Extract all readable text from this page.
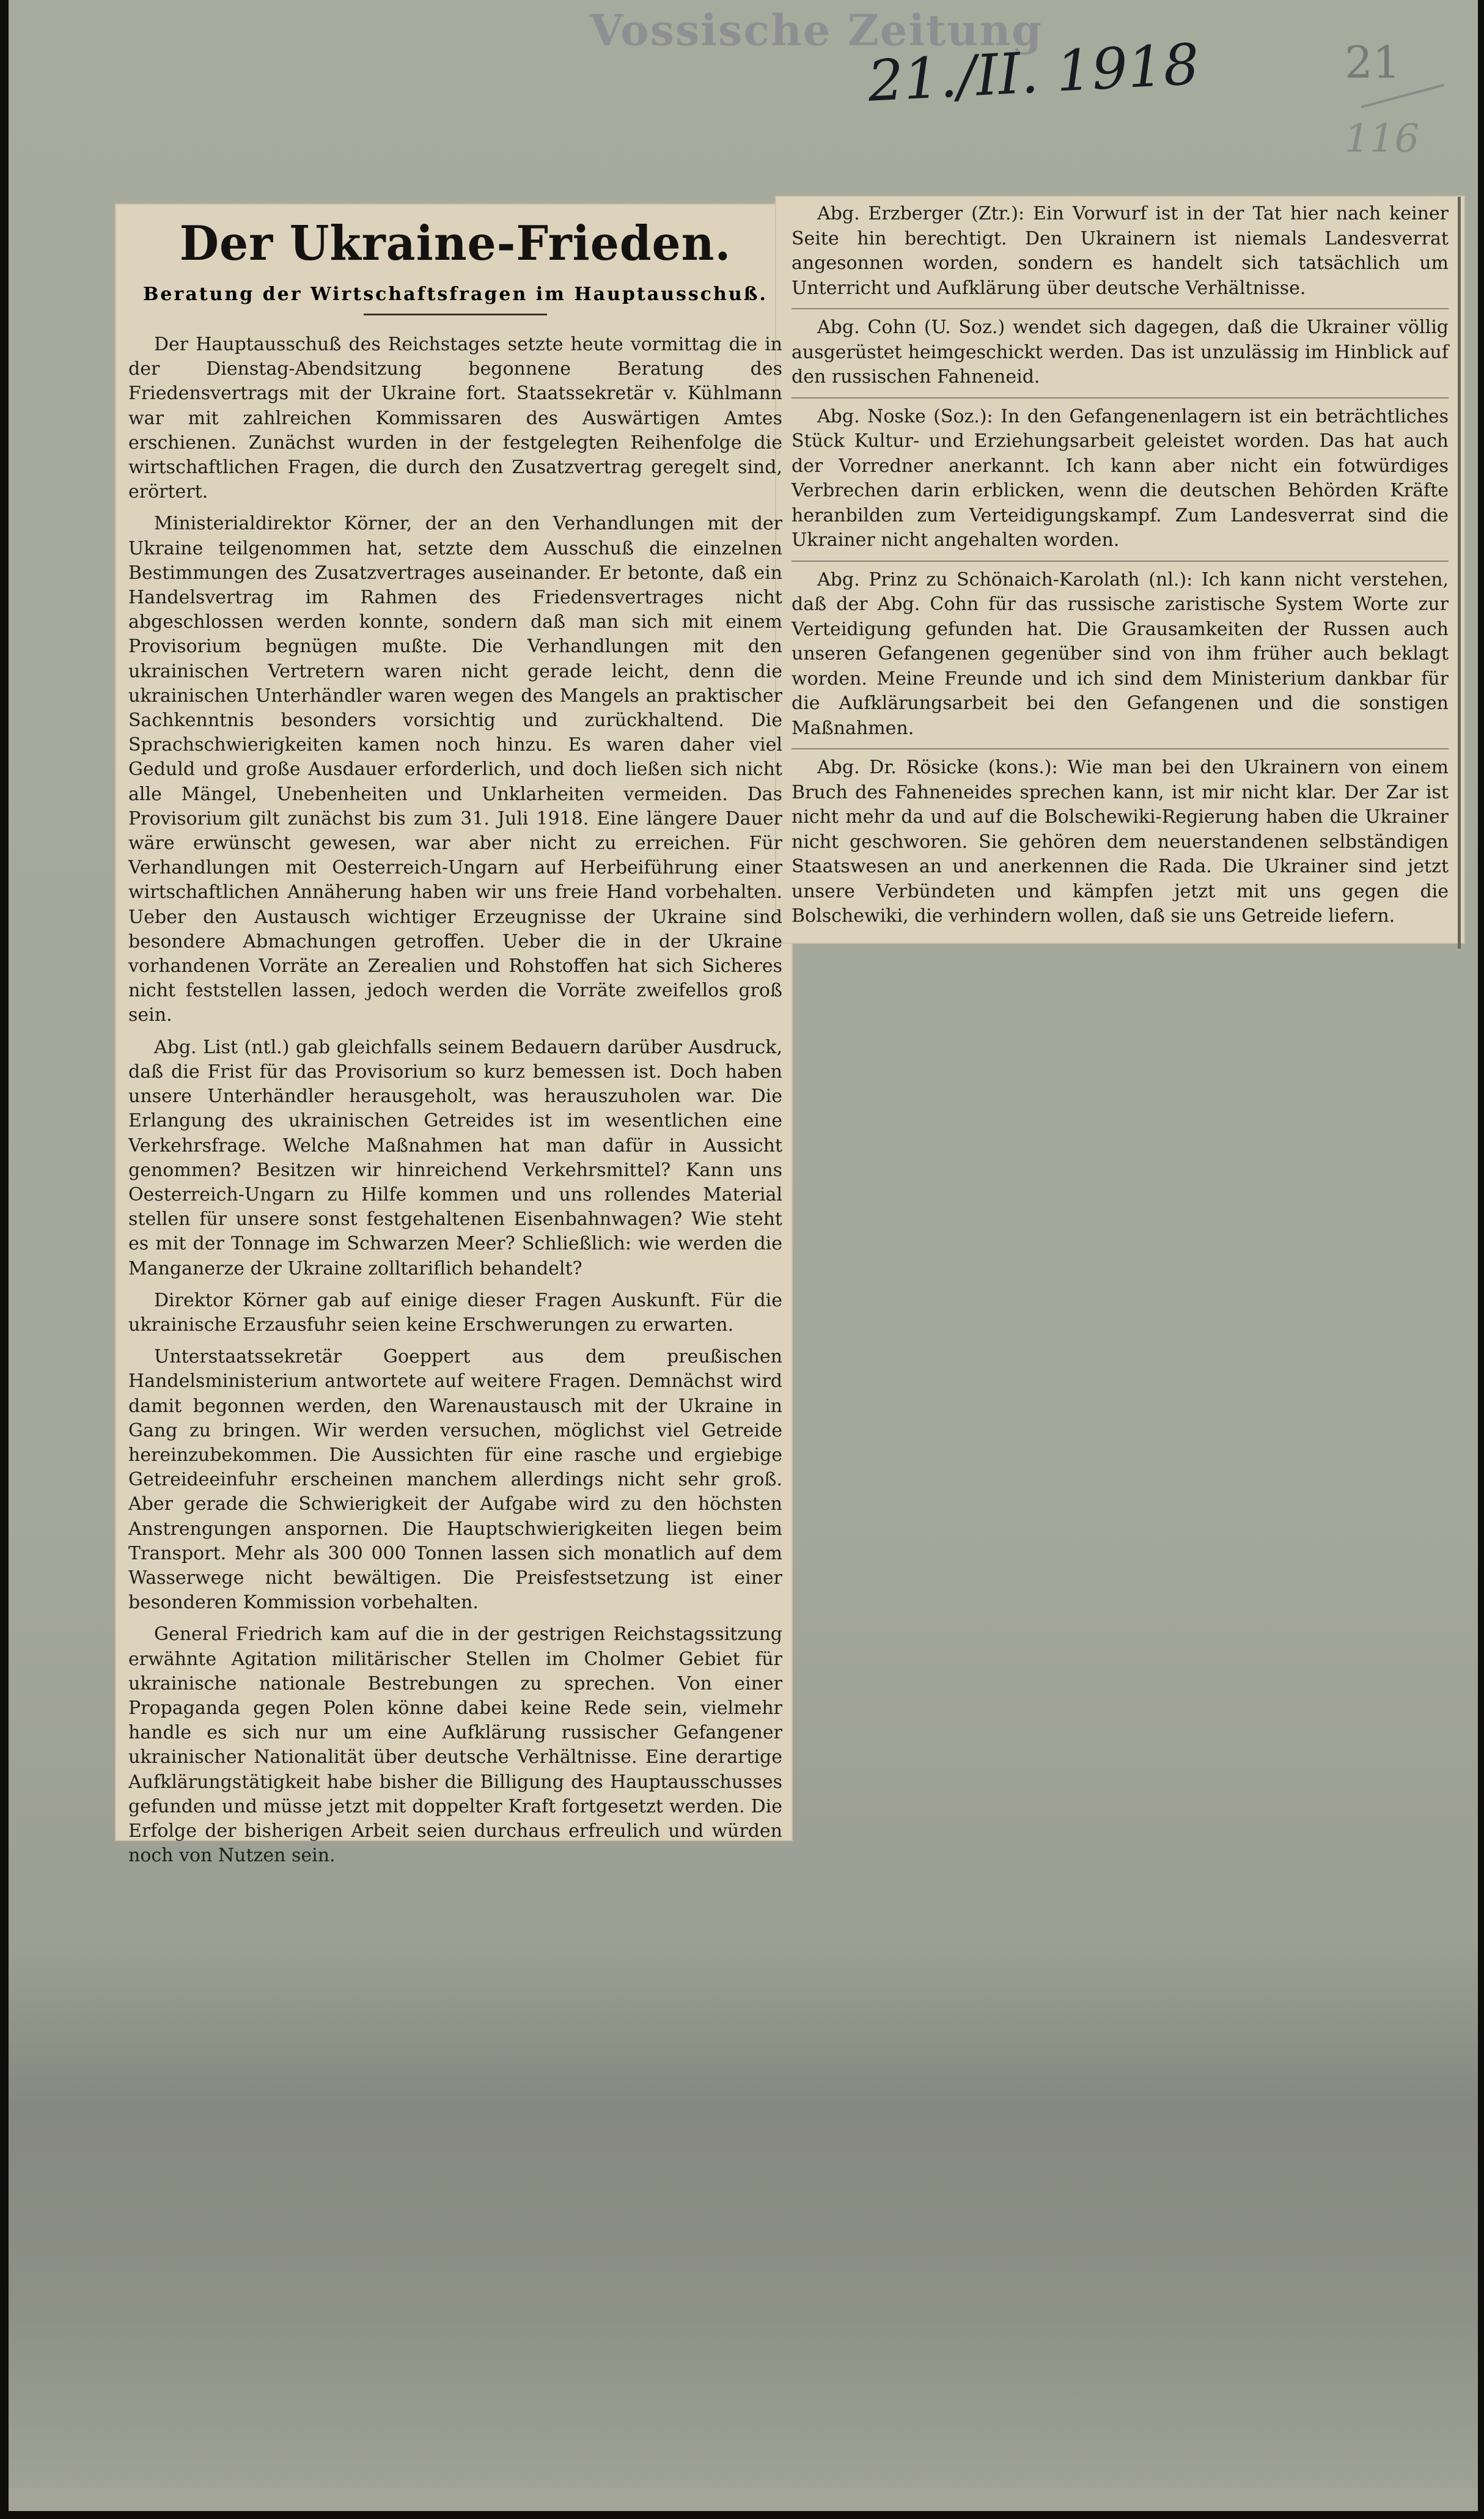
Vossische Zeitung
21./II. 1918	21
116
Der Ukraine-Frieden.
Beratung der Wirtschaftsfragen im Hauptausschuß.

Der Hauptausschuß des Reichstages setzte heute vormittag die in der Dienstag-Abendsitzung begonnene Beratung des Friedensvertrags mit der Ukraine fort. Staatssekretär v. Kühlmann war mit zahlreichen Kommissaren des Auswärtigen Amtes erschienen. Zunächst wurden in der festgelegten Reihenfolge die wirtschaftlichen Fragen, die durch den Zusatzvertrag geregelt sind, erörtert.

Ministerialdirektor Körner, der an den Verhandlungen mit der Ukraine teilgenommen hat, setzte dem Ausschuß die einzelnen Bestimmungen des Zusatzvertrages auseinander. Er betonte, daß ein Handelsvertrag im Rahmen des Friedensvertrages nicht abgeschlossen werden konnte, sondern daß man sich mit einem Provisorium begnügen mußte. Die Verhandlungen mit den ukrainischen Vertretern waren nicht gerade leicht, denn die ukrainischen Unterhändler waren wegen des Mangels an praktischer Sachkenntnis besonders vorsichtig und zurückhaltend. Die Sprachschwierigkeiten kamen noch hinzu. Es waren daher viel Geduld und große Ausdauer erforderlich, und doch ließen sich nicht alle Mängel, Unebenheiten und Unklarheiten vermeiden. Das Provisorium gilt zunächst bis zum 31. Juli 1918. Eine längere Dauer wäre erwünscht gewesen, war aber nicht zu erreichen. Für Verhandlungen mit Oesterreich-Ungarn auf Herbeiführung einer wirtschaftlichen Annäherung haben wir uns freie Hand vorbehalten. Ueber den Austausch wichtiger Erzeugnisse der Ukraine sind besondere Abmachungen getroffen. Ueber die in der Ukraine vorhandenen Vorräte an Zerealien und Rohstoffen hat sich Sicheres nicht feststellen lassen, jedoch werden die Vorräte zweifellos groß sein.

Abg. List (ntl.) gab gleichfalls seinem Bedauern darüber Ausdruck, daß die Frist für das Provisorium so kurz bemessen ist. Doch haben unsere Unterhändler herausgeholt, was herauszuholen war. Die Erlangung des ukrainischen Getreides ist im wesentlichen eine Verkehrsfrage. Welche Maßnahmen hat man dafür in Aussicht genommen? Besitzen wir hinreichend Verkehrsmittel? Kann uns Oesterreich-Ungarn zu Hilfe kommen und uns rollendes Material stellen für unsere sonst festgehaltenen Eisenbahnwagen? Wie steht es mit der Tonnage im Schwarzen Meer? Schließlich: wie werden die Manganerze der Ukraine zolltariflich behandelt?

Direktor Körner gab auf einige dieser Fragen Auskunft. Für die ukrainische Erzausfuhr seien keine Erschwerungen zu erwarten.

Unterstaatssekretär Goeppert aus dem preußischen Handelsministerium antwortete auf weitere Fragen. Demnächst wird damit begonnen werden, den Warenaustausch mit der Ukraine in Gang zu bringen. Wir werden versuchen, möglichst viel Getreide hereinzubekommen. Die Aussichten für eine rasche und ergiebige Getreideeinfuhr erscheinen manchem allerdings nicht sehr groß. Aber gerade die Schwierigkeit der Aufgabe wird zu den höchsten Anstrengungen anspornen. Die Hauptschwierigkeiten liegen beim Transport. Mehr als 300 000 Tonnen lassen sich monatlich auf dem Wasserwege nicht bewältigen. Die Preisfestsetzung ist einer besonderen Kommission vorbehalten.

General Friedrich kam auf die in der gestrigen Reichstagssitzung erwähnte Agitation militärischer Stellen im Cholmer Gebiet für ukrainische nationale Bestrebungen zu sprechen. Von einer Propaganda gegen Polen könne dabei keine Rede sein, vielmehr handle es sich nur um eine Aufklärung russischer Gefangener ukrainischer Nationalität über deutsche Verhältnisse. Eine derartige Aufklärungstätigkeit habe bisher die Billigung des Hauptausschusses gefunden und müsse jetzt mit doppelter Kraft fortgesetzt werden. Die Erfolge der bisherigen Arbeit seien durchaus erfreulich und würden noch von Nutzen sein.

Abg. Erzberger (Ztr.): Ein Vorwurf ist in der Tat hier nach keiner Seite hin berechtigt. Den Ukrainern ist niemals Landesverrat angesonnen worden, sondern es handelt sich tatsächlich um Unterricht und Aufklärung über deutsche Verhältnisse.

Abg. Cohn (U. Soz.) wendet sich dagegen, daß die Ukrainer völlig ausgerüstet heimgeschickt werden. Das ist unzulässig im Hinblick auf den russischen Fahneneid.

Abg. Noske (Soz.): In den Gefangenenlagern ist ein beträchtliches Stück Kultur- und Erziehungsarbeit geleistet worden. Das hat auch der Vorredner anerkannt. Ich kann aber nicht ein fotwürdiges Verbrechen darin erblicken, wenn die deutschen Behörden Kräfte heranbilden zum Verteidigungskampf. Zum Landesverrat sind die Ukrainer nicht angehalten worden.

Abg. Prinz zu Schönaich-Karolath (nl.): Ich kann nicht verstehen, daß der Abg. Cohn für das russische zaristische System Worte zur Verteidigung gefunden hat. Die Grausamkeiten der Russen auch unseren Gefangenen gegenüber sind von ihm früher auch beklagt worden. Meine Freunde und ich sind dem Ministerium dankbar für die Aufklärungsarbeit bei den Gefangenen und die sonstigen Maßnahmen.

Abg. Dr. Rösicke (kons.): Wie man bei den Ukrainern von einem Bruch des Fahneneides sprechen kann, ist mir nicht klar. Der Zar ist nicht mehr da und auf die Bolschewiki-Regierung haben die Ukrainer nicht geschworen. Sie gehören dem neuerstandenen selbständigen Staatswesen an und anerkennen die Rada. Die Ukrainer sind jetzt unsere Verbündeten und kämpfen jetzt mit uns gegen die Bolschewiki, die verhindern wollen, daß sie uns Getreide liefern.
